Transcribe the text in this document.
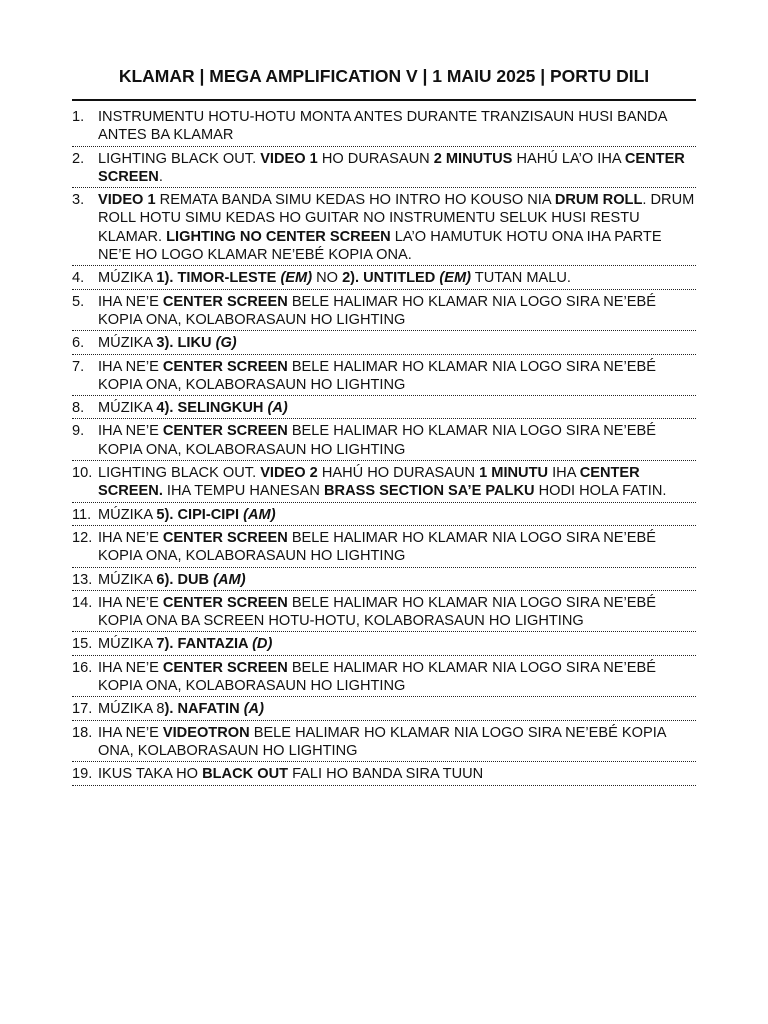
KLAMAR | MEGA AMPLIFICATION V | 1 MAIU 2025 | PORTU DILI
1. INSTRUMENTU HOTU-HOTU MONTA ANTES DURANTE TRANZISAUN HUSI BANDA ANTES BA KLAMAR
2. LIGHTING BLACK OUT. VIDEO 1 HO DURASAUN 2 MINUTUS HAHÚ LA’O IHA CENTER SCREEN.
3. VIDEO 1 REMATA BANDA SIMU KEDAS HO INTRO HO KOUSO NIA DRUM ROLL. DRUM ROLL HOTU SIMU KEDAS HO GUITAR NO INSTRUMENTU SELUK HUSI RESTU KLAMAR. LIGHTING NO CENTER SCREEN LA’O HAMUTUK HOTU ONA IHA PARTE NE’E HO LOGO KLAMAR NE’EBÉ KOPIA ONA.
4. MÚZIKA 1). TIMOR-LESTE (EM) NO 2). UNTITLED (EM) TUTAN MALU.
5. IHA NE’E CENTER SCREEN BELE HALIMAR HO KLAMAR NIA LOGO SIRA NE’EBÉ KOPIA ONA, KOLABORASAUN HO LIGHTING
6. MÚZIKA 3). LIKU (G)
7. IHA NE’E CENTER SCREEN BELE HALIMAR HO KLAMAR NIA LOGO SIRA NE’EBÉ KOPIA ONA, KOLABORASAUN HO LIGHTING
8. MÚZIKA 4). SELINGKUH (A)
9. IHA NE’E CENTER SCREEN BELE HALIMAR HO KLAMAR NIA LOGO SIRA NE’EBÉ KOPIA ONA, KOLABORASAUN HO LIGHTING
10. LIGHTING BLACK OUT. VIDEO 2 HAHÚ HO DURASAUN 1 MINUTU IHA CENTER SCREEN. IHA TEMPU HANESAN BRASS SECTION SA’E PALKU HODI HOLA FATIN.
11. MÚZIKA 5). CIPI-CIPI (AM)
12. IHA NE’E CENTER SCREEN BELE HALIMAR HO KLAMAR NIA LOGO SIRA NE’EBÉ KOPIA ONA, KOLABORASAUN HO LIGHTING
13. MÚZIKA 6). DUB (AM)
14. IHA NE’E CENTER SCREEN BELE HALIMAR HO KLAMAR NIA LOGO SIRA NE’EBÉ KOPIA ONA BA SCREEN HOTU-HOTU, KOLABORASAUN HO LIGHTING
15. MÚZIKA 7). FANTAZIA (D)
16. IHA NE’E CENTER SCREEN BELE HALIMAR HO KLAMAR NIA LOGO SIRA NE’EBÉ KOPIA ONA, KOLABORASAUN HO LIGHTING
17. MÚZIKA 8). NAFATIN (A)
18. IHA NE’E VIDEOTRON BELE HALIMAR HO KLAMAR NIA LOGO SIRA NE’EBÉ KOPIA ONA, KOLABORASAUN HO LIGHTING
19. IKUS TAKA HO BLACK OUT FALI HO BANDA SIRA TUUN
